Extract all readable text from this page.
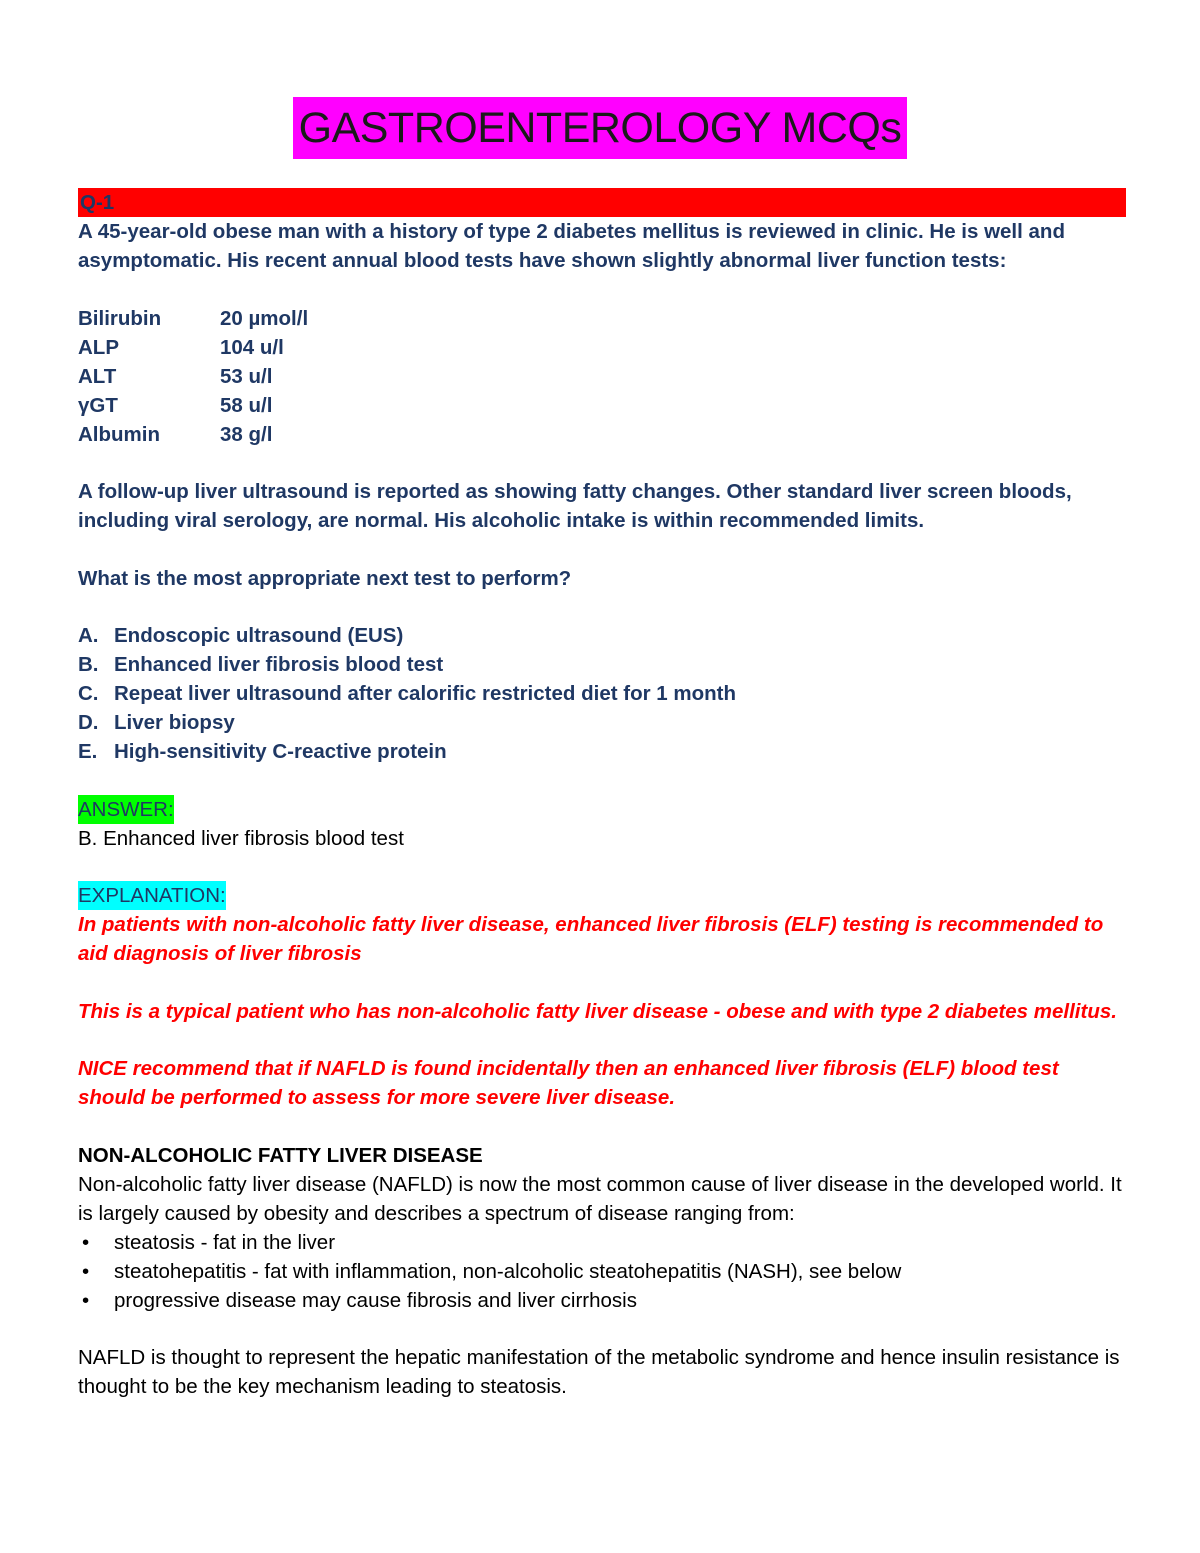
GASTROENTEROLOGY MCQs
Q-1

A 45-year-old obese man with a history of type 2 diabetes mellitus is reviewed in clinic. He is well and asymptomatic. His recent annual blood tests have shown slightly abnormal liver function tests:

Bilirubin	20 µmol/l
ALP	104 u/l
ALT	53 u/l
γGT	58 u/l
Albumin	38 g/l

A follow-up liver ultrasound is reported as showing fatty changes. Other standard liver screen bloods, including viral serology, are normal. His alcoholic intake is within recommended limits.

What is the most appropriate next test to perform?

A. Endoscopic ultrasound (EUS)
B. Enhanced liver fibrosis blood test
C. Repeat liver ultrasound after calorific restricted diet for 1 month
D. Liver biopsy
E. High-sensitivity C-reactive protein
ANSWER:

B. Enhanced liver fibrosis blood test

EXPLANATION:

In patients with non-alcoholic fatty liver disease, enhanced liver fibrosis (ELF) testing is recommended to aid diagnosis of liver fibrosis

This is a typical patient who has non-alcoholic fatty liver disease - obese and with type 2 diabetes mellitus.

NICE recommend that if NAFLD is found incidentally then an enhanced liver fibrosis (ELF) blood test should be performed to assess for more severe liver disease.

NON-ALCOHOLIC FATTY LIVER DISEASE

Non-alcoholic fatty liver disease (NAFLD) is now the most common cause of liver disease in the developed world. It is largely caused by obesity and describes a spectrum of disease ranging from:

•	steatosis - fat in the liver
•	steatohepatitis - fat with inflammation, non-alcoholic steatohepatitis (NASH), see below
•	progressive disease may cause fibrosis and liver cirrhosis

NAFLD is thought to represent the hepatic manifestation of the metabolic syndrome and hence insulin resistance is thought to be the key mechanism leading to steatosis.
